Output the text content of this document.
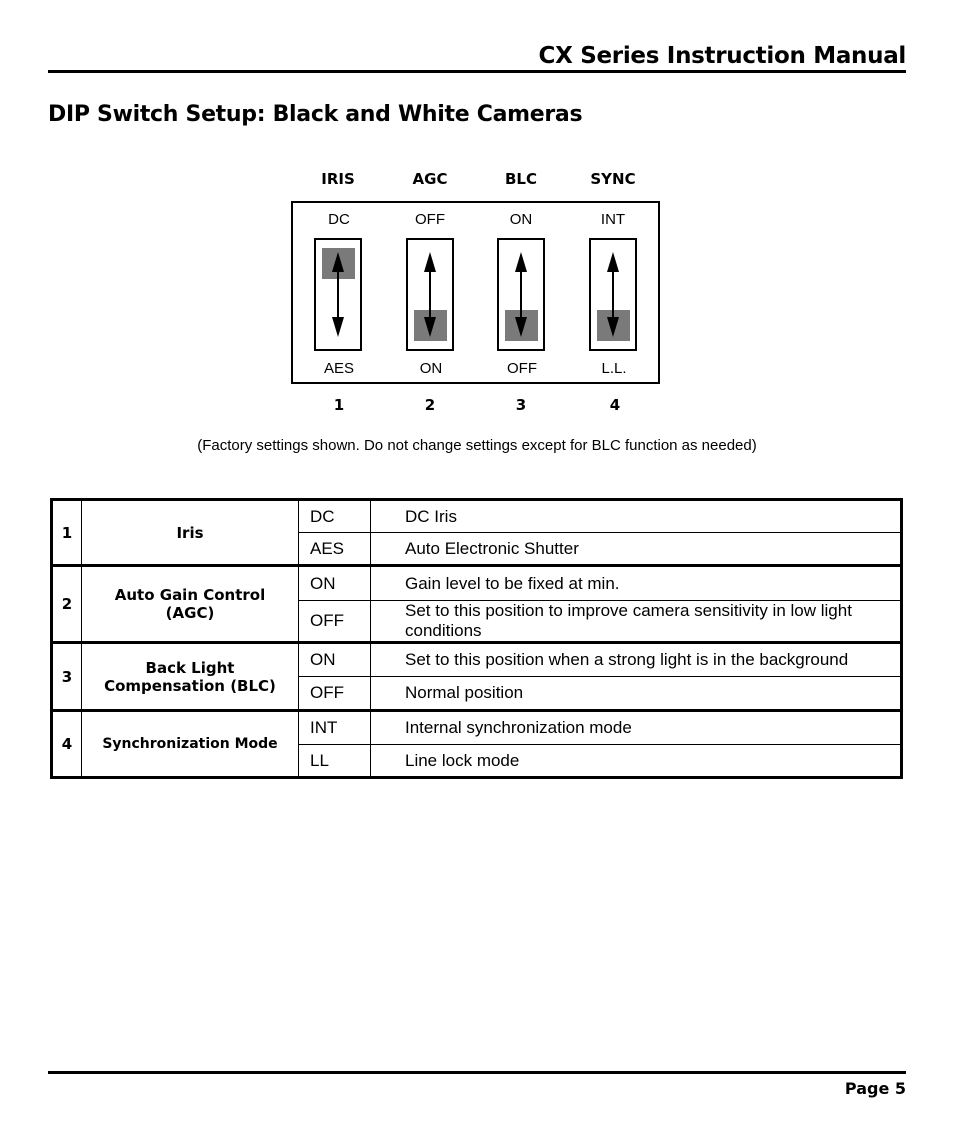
CX Series Instruction Manual
DIP Switch Setup: Black and White Cameras
IRIS	AGC	BLC	SYNC
DC	OFF	ON	INT
AES	ON	OFF	L.L.
1	2	3	4
(Factory settings shown. Do not change settings except for BLC function as needed)
1	Iris	DC	DC Iris
		AES	Auto Electronic Shutter
2	Auto Gain Control (AGC)	ON	Gain level to be fixed at min.
		OFF	Set to this position to improve camera sensitivity in low light conditions
3	Back Light Compensation (BLC)	ON	Set to this position when a strong light is in the background
		OFF	Normal position
4	Synchronization Mode	INT	Internal synchronization mode
		LL	Line lock mode
Page 5
